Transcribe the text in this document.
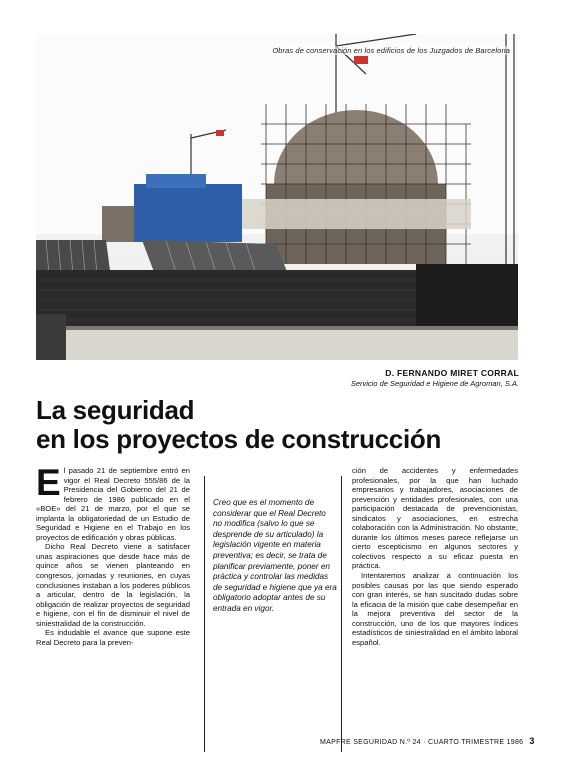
Obras de conservación en los edificios de los Juzgados de Barcelona
D. FERNANDO MIRET CORRAL
Servicio de Seguridad e Higiene de Agroman, S.A.
La seguridad
en los proyectos de construcción
E l pasado 21 de septiembre entró en vigor el Real Decreto 555/86 de la Presidencia del Gobierno del 21 de febrero de 1986 publicado en el «BOE» del 21 de marzo, por el que se implanta la obligatoriedad de un Estudio de Seguridad e Higiene en el Trabajo en los proyectos de edificación y obras públicas.

Dicho Real Decreto viene a satisfacer unas aspiraciones que desde hace más de quince años se vienen planteando en congresos, jornadas y reuniones, en cuyas conclusiones instaban a los poderes públicos a articular, dentro de la legislación, la obligación de realizar proyectos de seguridad e higiene, con el fin de disminuir el nivel de siniestralidad de la construcción.

Es indudable el avance que supone este Real Decreto para la preven-

Creo que es el momento de considerar que el Real Decreto no modifica (salvo lo que se desprende de su articulado) la legislación vigente en materia preventiva; es decir, se trata de planificar previamente, poner en práctica y controlar las medidas de seguridad e higiene que ya era obligatorio adoptar antes de su entrada en vigor.

ción de accidentes y enfermedades profesionales, por la que han luchado empresarios y trabajadores, asociaciones de prevención y entidades profesionales, con una participación destacada de prevencionistas, sindicatos y asociaciones, en estrecha colaboración con la Administración. No obstante, durante los últimos meses parece reflejarse un cierto escepticismo en algunos sectores y colectivos respecto a su eficaz puesta en práctica.

Intentaremos analizar a continuación los posibles causas por las que siendo esperado con gran interés, se han suscitado dudas sobre la eficacia de la misión que cabe desempeñar en la mejora preventiva del sector de la construcción, uno de los que mayores índices estadísticos de siniestralidad en el ámbito laboral español.

MAPFRE SEGURIDAD N.º 24 · CUARTO TRIMESTRE 1986 3
